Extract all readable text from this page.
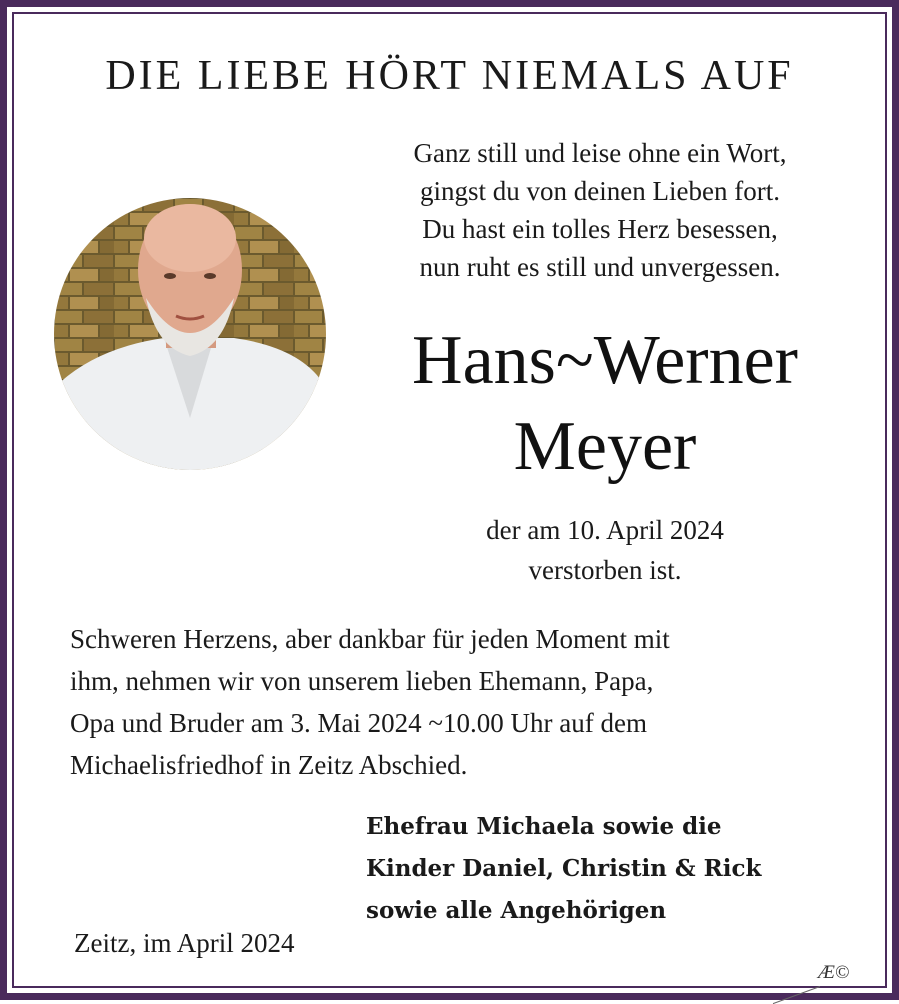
DIE LIEBE HÖRT NIEMALS AUF
Ganz still und leise ohne ein Wort,
gingst du von deinen Lieben fort.
Du hast ein tolles Herz besessen,
nun ruht es still und unvergessen.
Hans~Werner
Meyer
der am 10. April 2024
verstorben ist.
Schweren Herzens, aber dankbar für jeden Moment mit
ihm, nehmen wir von unserem lieben Ehemann, Papa,
Opa und Bruder am 3. Mai 2024 ~10.00 Uhr auf dem
Michaelisfriedhof in Zeitz Abschied.
Ehefrau Michaela sowie die
Kinder Daniel, Christin & Rick
sowie alle Angehörigen
Zeitz, im April 2024
Æ©
